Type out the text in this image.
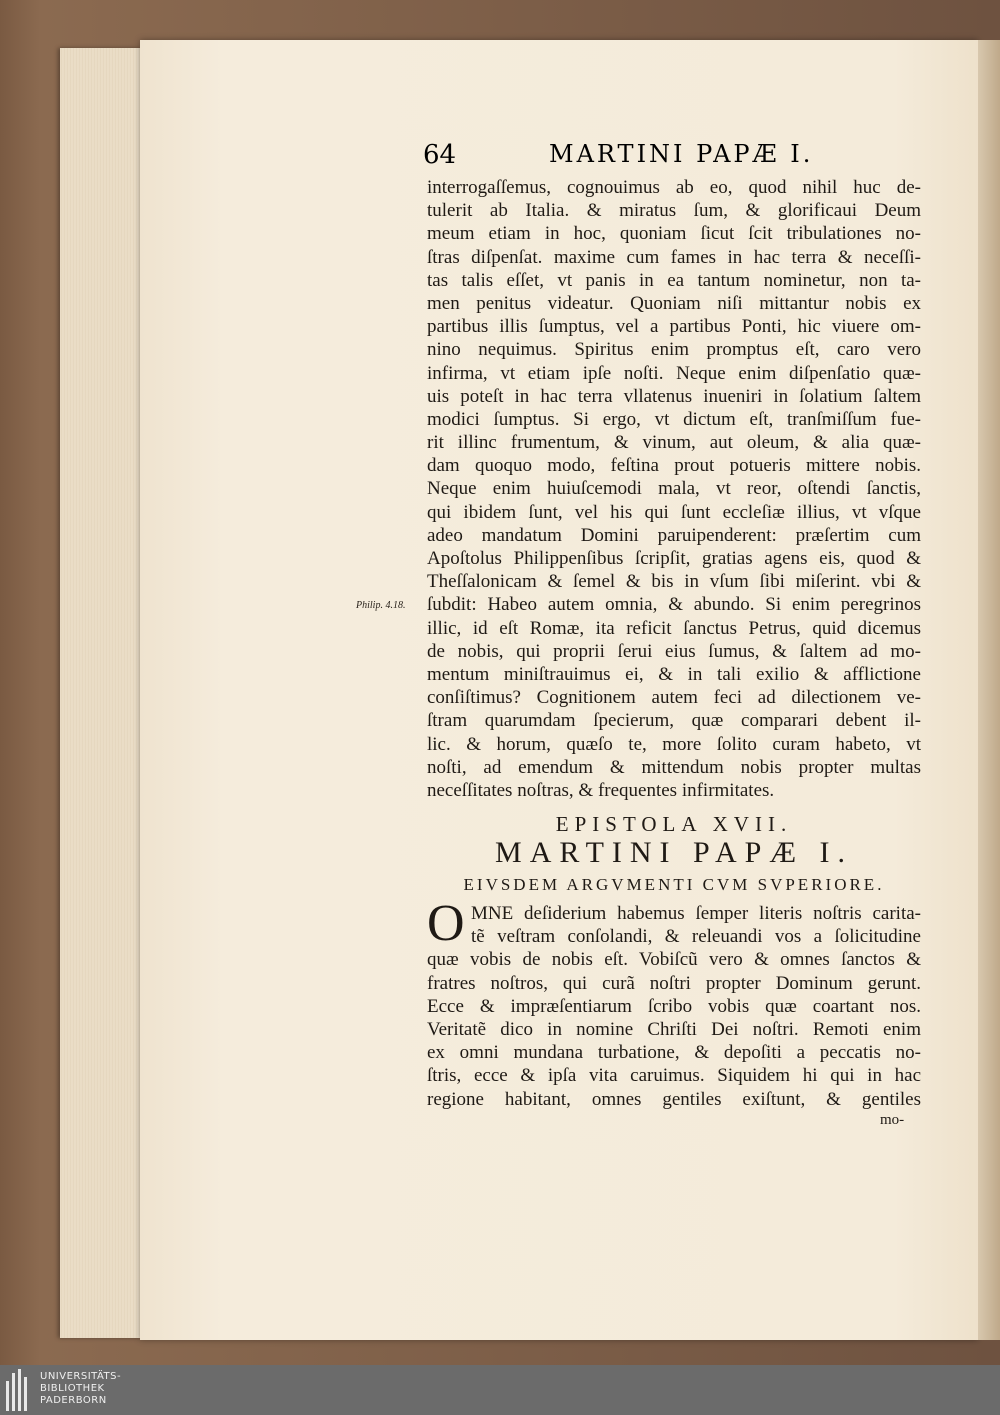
64	MARTINI PAPÆ I.
interrogaſſemus, cognouimus ab eo, quod nihil huc de-
tulerit ab Italia. & miratus ſum, & glorificaui Deum
meum etiam in hoc, quoniam ſicut ſcit tribulationes no-
ſtras diſpenſat. maxime cum fames in hac terra & neceſſi-
tas talis eſſet, vt panis in ea tantum nominetur, non ta-
men penitus videatur. Quoniam niſi mittantur nobis ex
partibus illis ſumptus, vel a partibus Ponti, hic viuere om-
nino nequimus. Spiritus enim promptus eſt, caro vero
infirma, vt etiam ipſe noſti. Neque enim diſpenſatio quæ-
uis poteſt in hac terra vllatenus inueniri in ſolatium ſaltem
modici ſumptus. Si ergo, vt dictum eſt, tranſmiſſum fue-
rit illinc frumentum, & vinum, aut oleum, & alia quæ-
dam quoquo modo, feſtina prout potueris mittere nobis.
Neque enim huiuſcemodi mala, vt reor, oſtendi ſanctis,
qui ibidem ſunt, vel his qui ſunt eccleſiæ illius, vt vſque
adeo mandatum Domini paruipenderent: præſertim cum
Apoſtolus Philippenſibus ſcripſit, gratias agens eis, quod &
Theſſalonicam & ſemel & bis in vſum ſibi miſerint. vbi &
ſubdit: Habeo autem omnia, & abundo. Si enim peregrinos
illic, id eſt Romæ, ita reficit ſanctus Petrus, quid dicemus
de nobis, qui proprii ſerui eius ſumus, & ſaltem ad mo-
mentum miniſtrauimus ei, & in tali exilio & afflictione
conſiſtimus? Cognitionem autem feci ad dilectionem ve-
ſtram quarumdam ſpecierum, quæ comparari debent il-
lic. & horum, quæſo te, more ſolito curam habeto, vt
noſti, ad emendum & mittendum nobis propter multas
neceſſitates noſtras, & frequentes infirmitates.
Philip. 4.18.
EPISTOLA XVII.
MARTINI PAPÆ I.
EIVSDEM ARGVMENTI CVM SVPERIORE.
O MNE deſiderium habemus ſemper literis noſtris carita-
tẽ veſtram conſolandi, & releuandi vos a ſolicitudine
quæ vobis de nobis eſt. Vobiſcũ vero & omnes ſanctos &
fratres noſtros, qui curã noſtri propter Dominum gerunt.
Ecce & impræſentiarum ſcribo vobis quæ coartant nos.
Veritatẽ dico in nomine Chriſti Dei noſtri. Remoti enim
ex omni mundana turbatione, & depoſiti a peccatis no-
ſtris, ecce & ipſa vita caruimus. Siquidem hi qui in hac
regione habitant, omnes gentiles exiſtunt, & gentiles
mo-
UNIVERSITÄTS-
BIBLIOTHEK
PADERBORN
